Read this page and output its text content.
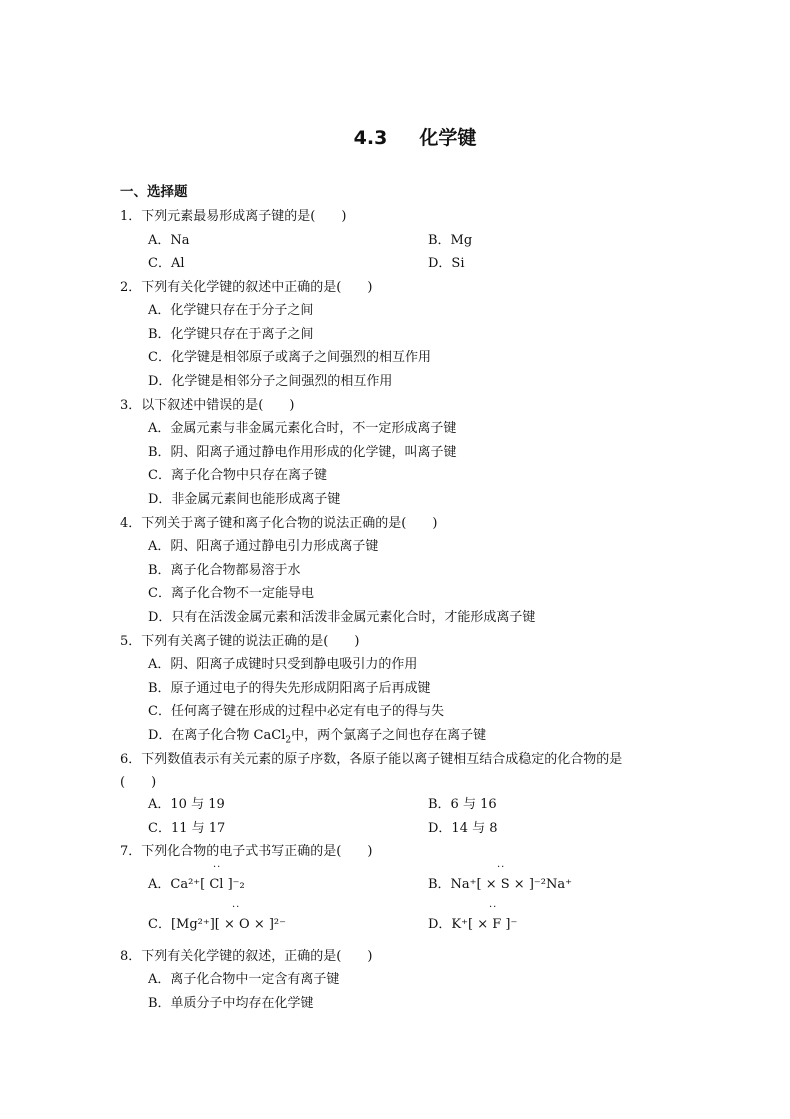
4.3 化学键
一、选择题
1．下列元素最易形成离子键的是(　　)
A．Na	B．Mg
C．Al	D．Si
2．下列有关化学键的叙述中正确的是(　　)
A．化学键只存在于分子之间
B．化学键只存在于离子之间
C．化学键是相邻原子或离子之间强烈的相互作用
D．化学键是相邻分子之间强烈的相互作用
3．以下叙述中错误的是(　　)
A．金属元素与非金属元素化合时，不一定形成离子键
B．阴、阳离子通过静电作用形成的化学键，叫离子键
C．离子化合物中只存在离子键
D．非金属元素间也能形成离子键
4．下列关于离子键和离子化合物的说法正确的是(　　)
A．阴、阳离子通过静电引力形成离子键
B．离子化合物都易溶于水
C．离子化合物不一定能导电
D．只有在活泼金属元素和活泼非金属元素化合时，才能形成离子键
5．下列有关离子键的说法正确的是(　　)
A．阴、阳离子成键时只受到静电吸引力的作用
B．原子通过电子的得失先形成阴阳离子后再成键
C．任何离子键在形成的过程中必定有电子的得与失
D．在离子化合物 CaCl$_2$中，两个氯离子之间也存在离子键
6．下列数值表示有关元素的原子序数，各原子能以离子键相互结合成稳定的化合物的是
(　　)
A．10 与 19	B．6 与 16
C．11 与 17	D．14 与 8
7．下列化合物的电子式书写正确的是(　　)
··
A．Ca²⁺[ Cl ]⁻₂
··
B．Na⁺[ × S × ]⁻²Na⁺
··
C．[Mg²⁺][ × O × ]²⁻
··
D．K⁺[ × F ]⁻
8．下列有关化学键的叙述，正确的是(　　)
A．离子化合物中一定含有离子键
B．单质分子中均存在化学键
